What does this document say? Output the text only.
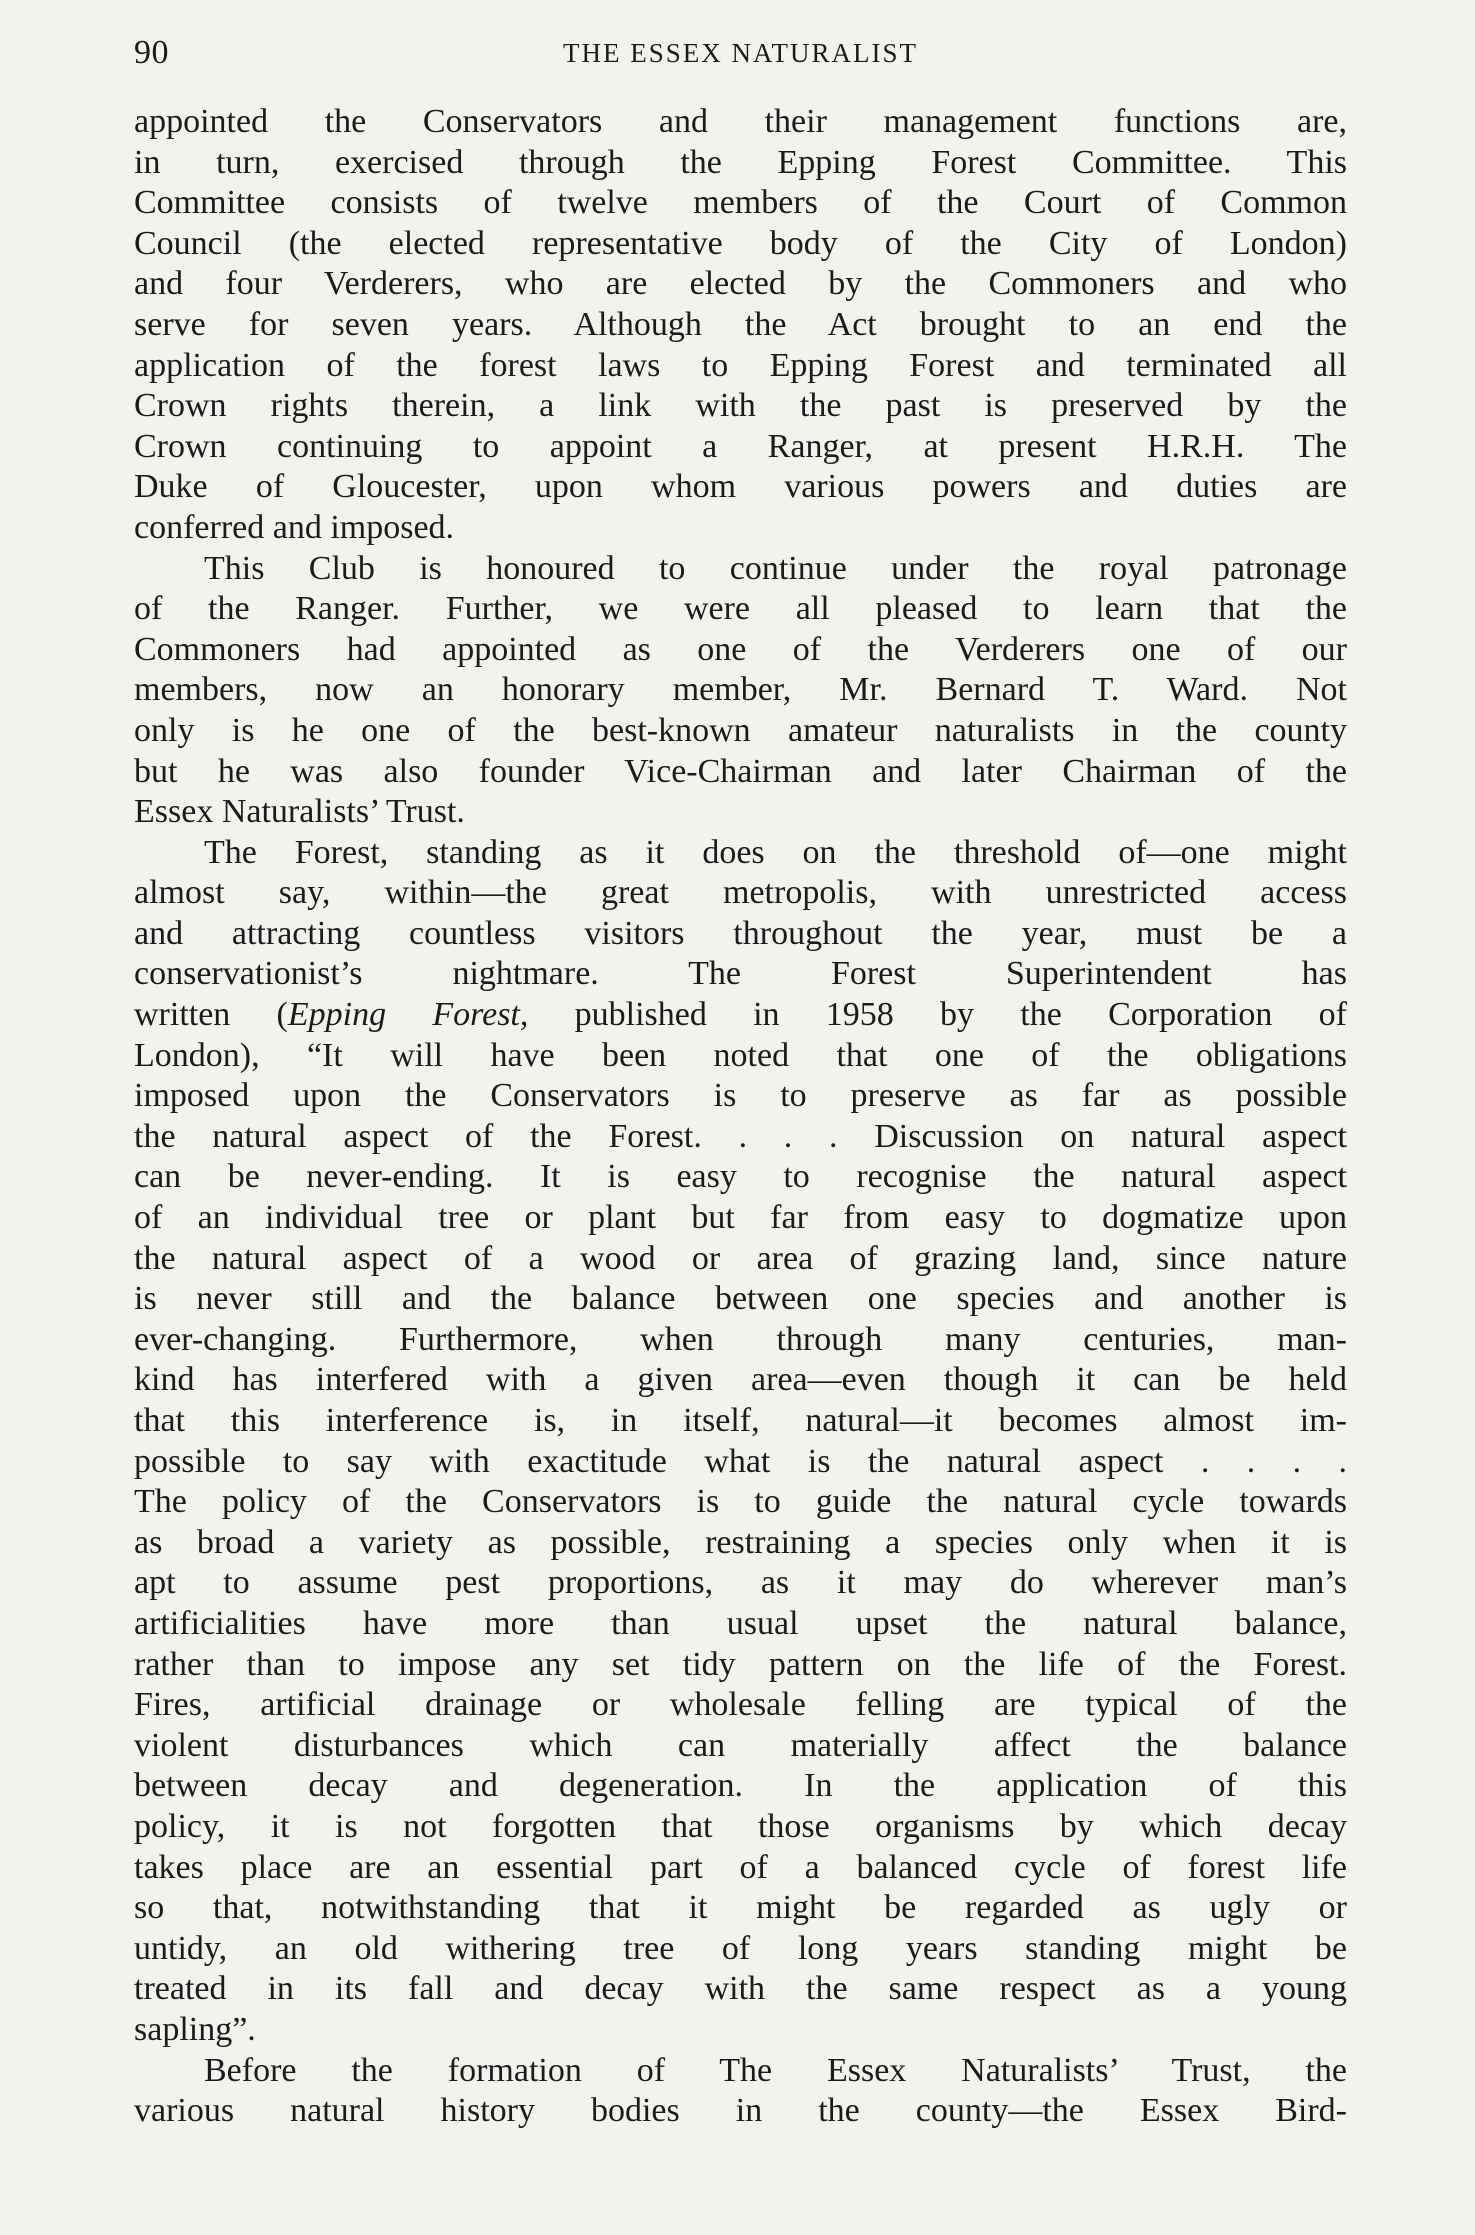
90	THE ESSEX NATURALIST
appointed the Conservators and their management functions are,
in turn, exercised through the Epping Forest Committee. This
Committee consists of twelve members of the Court of Common
Council (the elected representative body of the City of London)
and four Verderers, who are elected by the Commoners and who
serve for seven years. Although the Act brought to an end the
application of the forest laws to Epping Forest and terminated all
Crown rights therein, a link with the past is preserved by the
Crown continuing to appoint a Ranger, at present H.R.H. The
Duke of Gloucester, upon whom various powers and duties are
conferred and imposed.
This Club is honoured to continue under the royal patronage
of the Ranger. Further, we were all pleased to learn that the
Commoners had appointed as one of the Verderers one of our
members, now an honorary member, Mr. Bernard T. Ward. Not
only is he one of the best-known amateur naturalists in the county
but he was also founder Vice-Chairman and later Chairman of the
Essex Naturalists’ Trust.
The Forest, standing as it does on the threshold of—one might
almost say, within—the great metropolis, with unrestricted access
and attracting countless visitors throughout the year, must be a
conservationist’s nightmare. The Forest Superintendent has
written (Epping Forest, published in 1958 by the Corporation of
London), “It will have been noted that one of the obligations
imposed upon the Conservators is to preserve as far as possible
the natural aspect of the Forest. . . . Discussion on natural aspect
can be never-ending. It is easy to recognise the natural aspect
of an individual tree or plant but far from easy to dogmatize upon
the natural aspect of a wood or area of grazing land, since nature
is never still and the balance between one species and another is
ever-changing. Furthermore, when through many centuries, man-
kind has interfered with a given area—even though it can be held
that this interference is, in itself, natural—it becomes almost im-
possible to say with exactitude what is the natural aspect . . . .
The policy of the Conservators is to guide the natural cycle towards
as broad a variety as possible, restraining a species only when it is
apt to assume pest proportions, as it may do wherever man’s
artificialities have more than usual upset the natural balance,
rather than to impose any set tidy pattern on the life of the Forest.
Fires, artificial drainage or wholesale felling are typical of the
violent disturbances which can materially affect the balance
between decay and degeneration. In the application of this
policy, it is not forgotten that those organisms by which decay
takes place are an essential part of a balanced cycle of forest life
so that, notwithstanding that it might be regarded as ugly or
untidy, an old withering tree of long years standing might be
treated in its fall and decay with the same respect as a young
sapling”.
Before the formation of The Essex Naturalists’ Trust, the
various natural history bodies in the county—the Essex Bird-
